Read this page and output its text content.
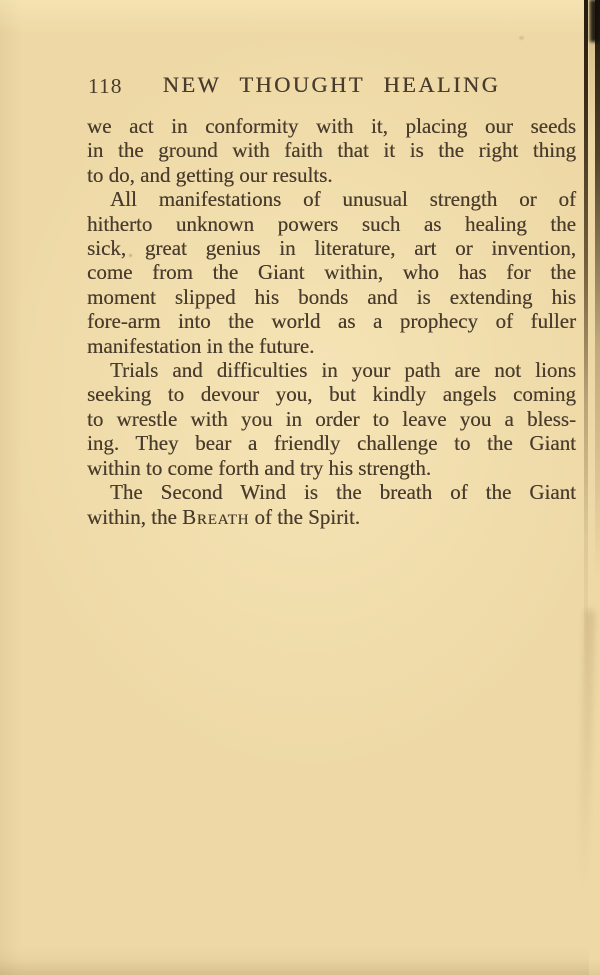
118	NEW THOUGHT HEALING
we act in conformity with it, placing our seeds
in the ground with faith that it is the right thing
to do, and getting our results.
All manifestations of unusual strength or of
hitherto unknown powers such as healing the
sick, great genius in literature, art or invention,
come from the Giant within, who has for the
moment slipped his bonds and is extending his
fore-arm into the world as a prophecy of fuller
manifestation in the future.
Trials and difficulties in your path are not lions
seeking to devour you, but kindly angels coming
to wrestle with you in order to leave you a bless-
ing. They bear a friendly challenge to the Giant
within to come forth and try his strength.
The Second Wind is the breath of the Giant
within, the Breath of the Spirit.
